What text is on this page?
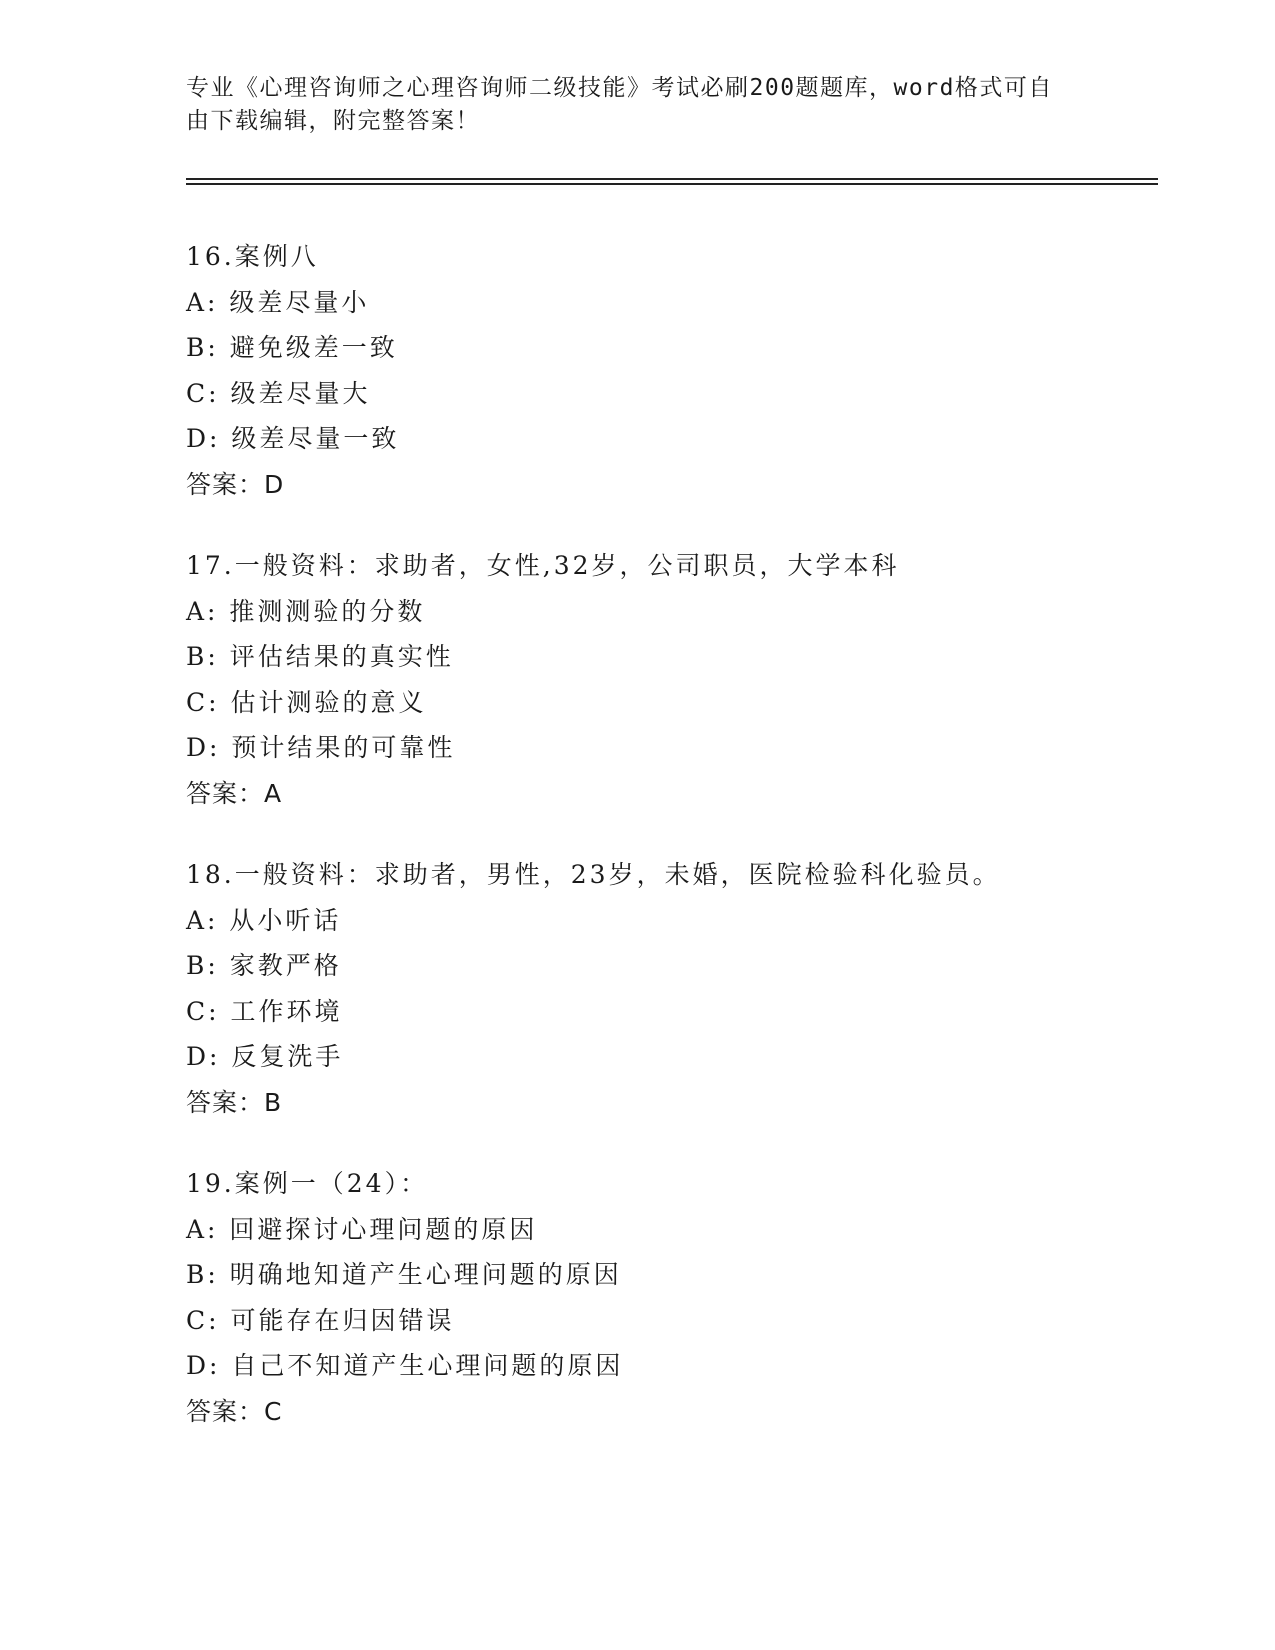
专业《心理咨询师之心理咨询师二级技能》考试必刷200题题库，word格式可自
由下载编辑，附完整答案！
16.案例八
A: 级差尽量小
B: 避免级差一致
C: 级差尽量大
D: 级差尽量一致
答案：D
17.一般资料：求助者，女性,32岁，公司职员，大学本科
A: 推测测验的分数
B: 评估结果的真实性
C: 估计测验的意义
D: 预计结果的可靠性
答案：A
18.一般资料：求助者，男性，23岁，未婚，医院检验科化验员。
A: 从小听话
B: 家教严格
C: 工作环境
D: 反复洗手
答案：B
19.案例一（24）：
A: 回避探讨心理问题的原因
B: 明确地知道产生心理问题的原因
C: 可能存在归因错误
D: 自己不知道产生心理问题的原因
答案：C
